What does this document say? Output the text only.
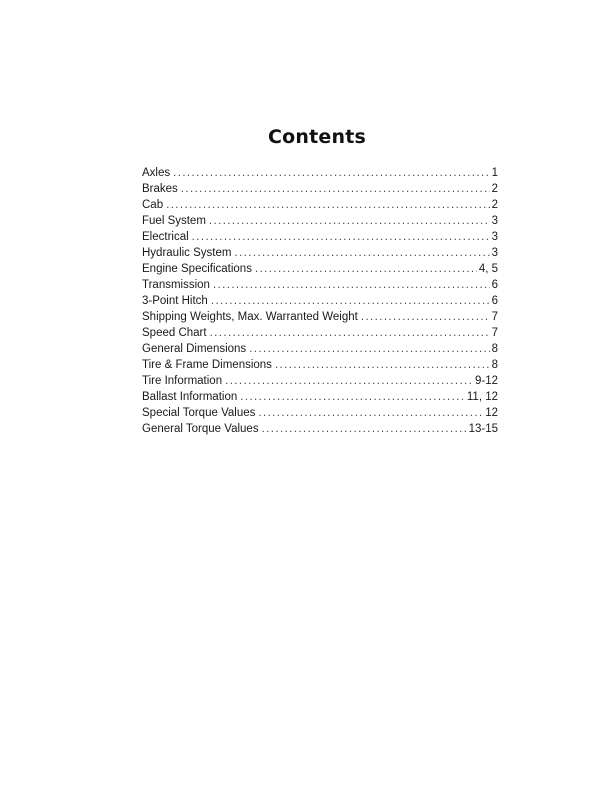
Contents
Axles .....	1
Brakes .....	2
Cab .....	2
Fuel System .....	3
Electrical .....	3
Hydraulic System .....	3
Engine Specifications .....	4, 5
Transmission .....	6
3-Point Hitch .....	6
Shipping Weights, Max. Warranted Weight .....	7
Speed Chart .....	7
General Dimensions .....	8
Tire & Frame Dimensions .....	8
Tire Information .....	9-12
Ballast Information .....	11, 12
Special Torque Values .....	12
General Torque Values .....	13-15
